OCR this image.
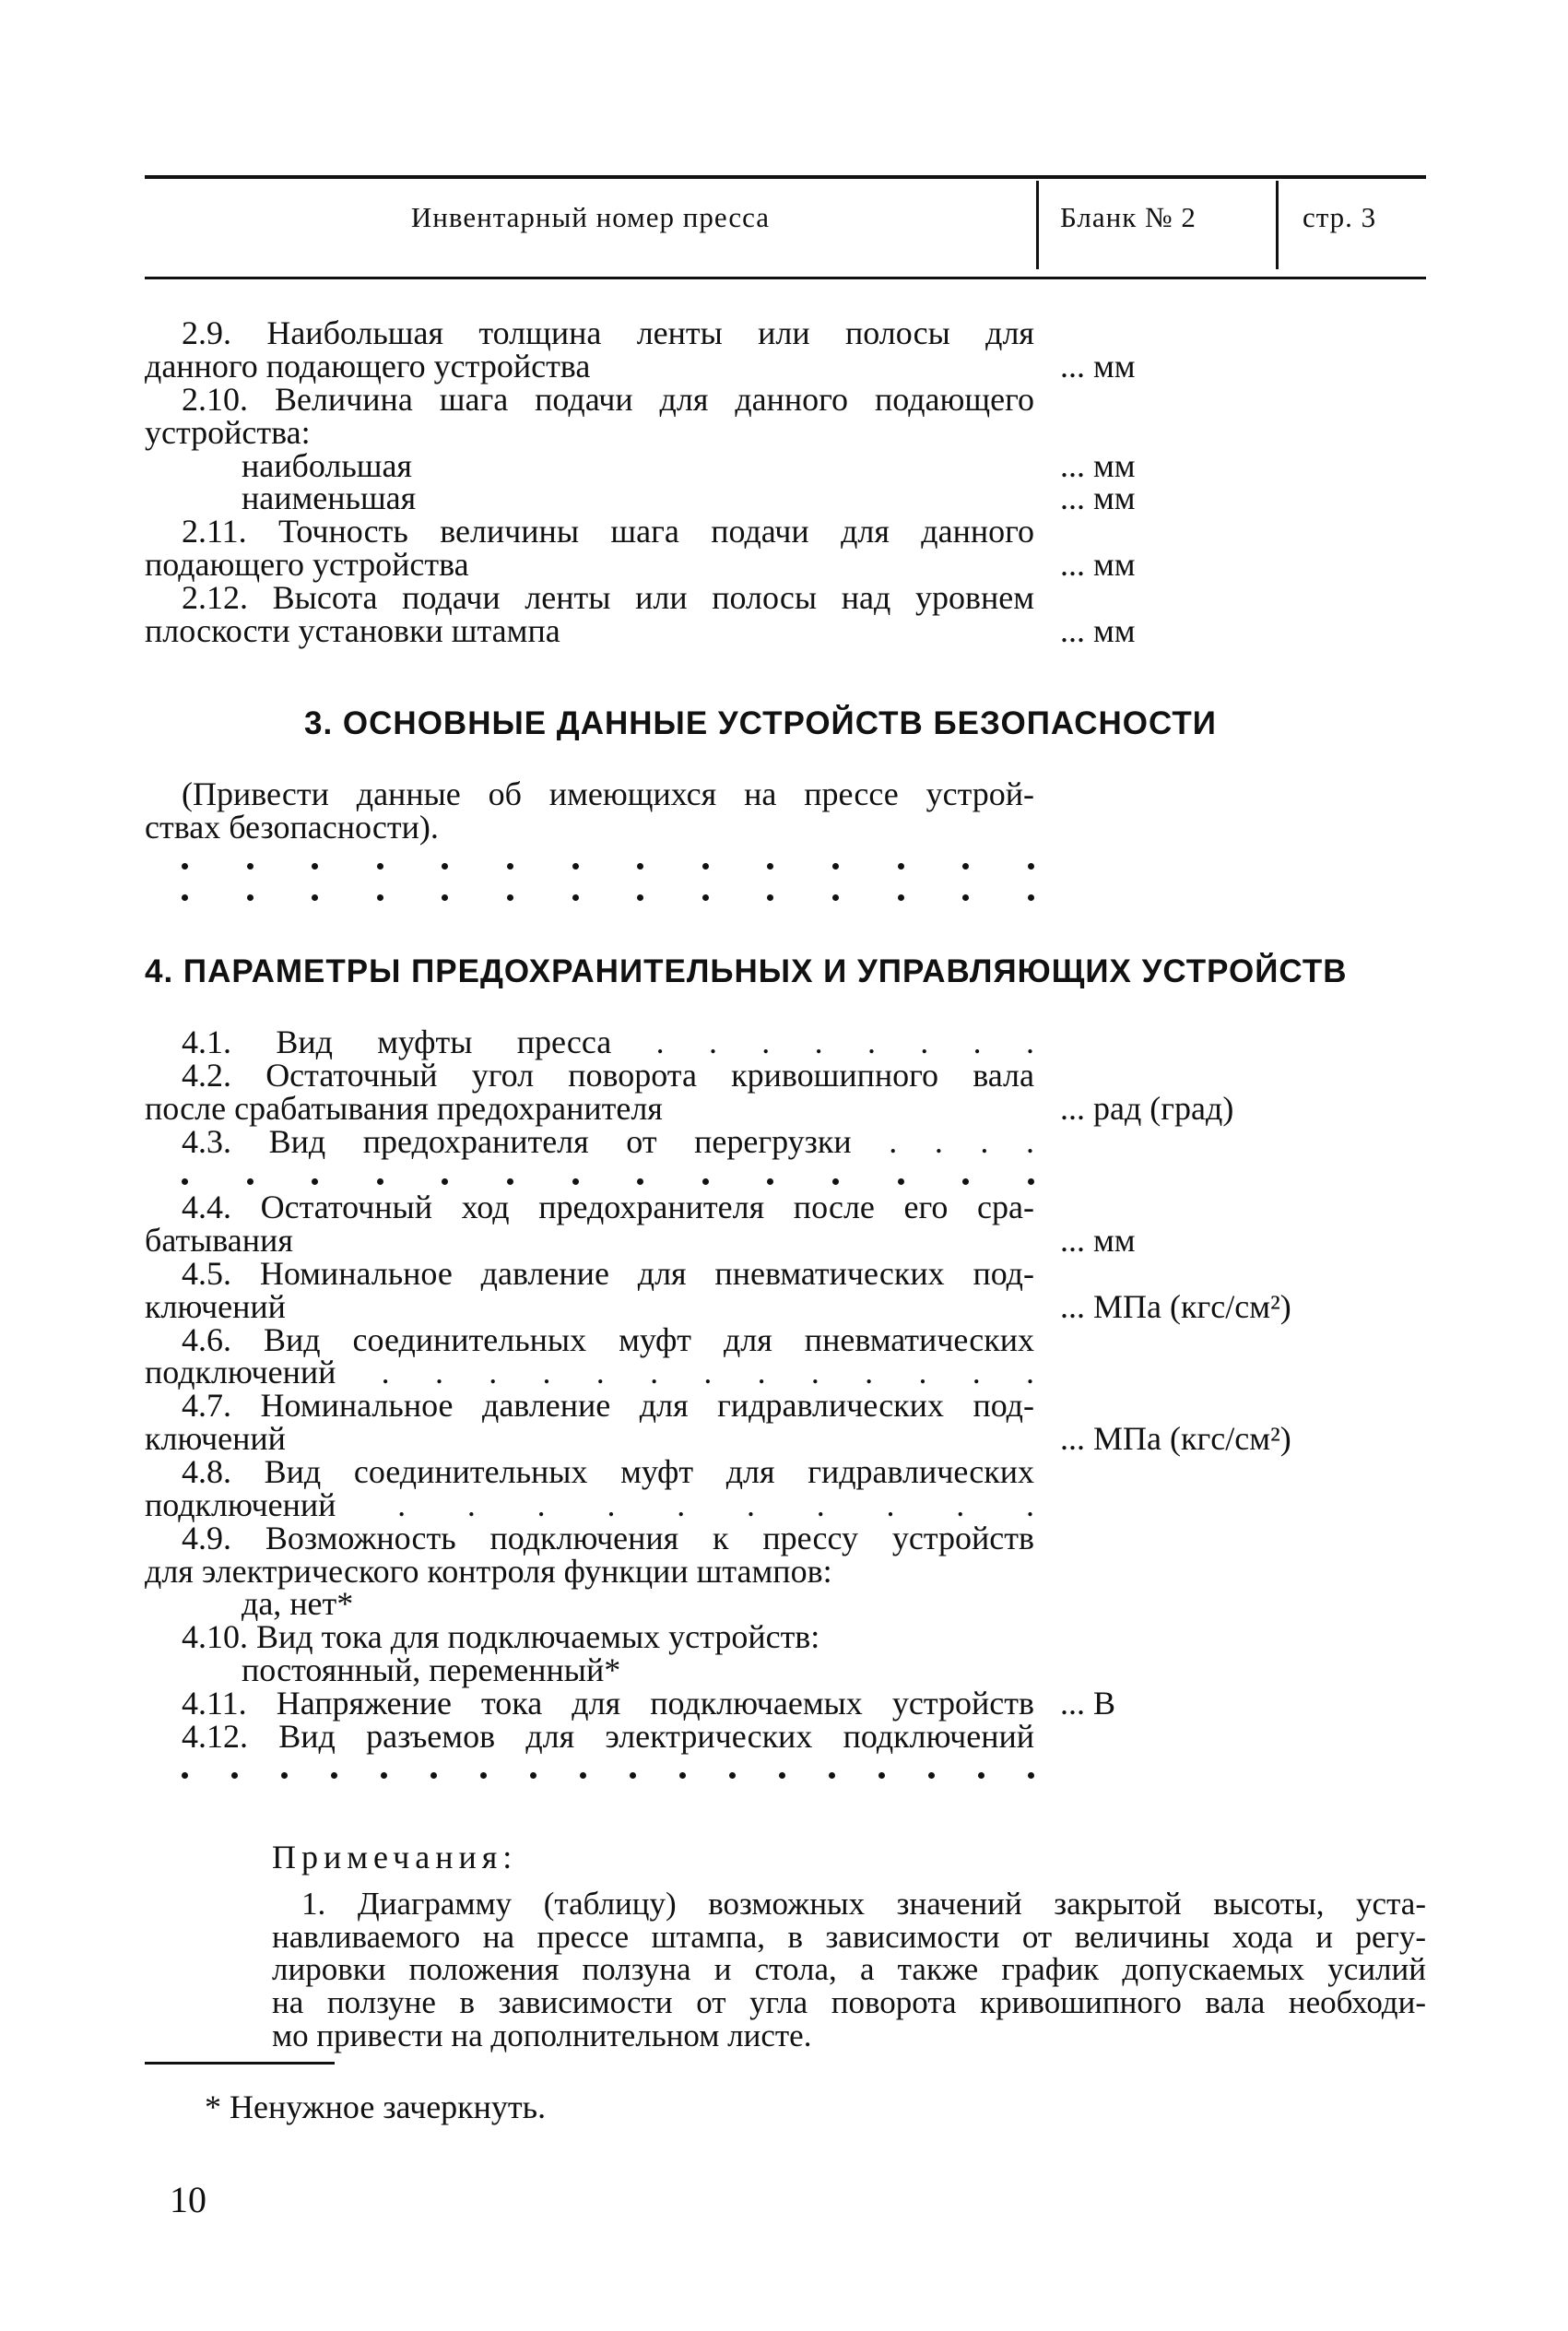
Инвентарный номер пресса	Бланк № 2	стр. 3
2.9. Наибольшая толщина ленты или полосы для
данного подающего устройства	... мм
2.10. Величина шага подачи для данного подающего
устройства:
наибольшая	... мм
наименьшая	... мм
2.11. Точность величины шага подачи для данного
подающего устройства	... мм
2.12. Высота подачи ленты или полосы над уровнем
плоскости установки штампа	... мм
3. ОСНОВНЫЕ ДАННЫЕ УСТРОЙСТВ БЕЗОПАСНОСТИ
(Привести данные об имеющихся на прессе устрой-
ствах безопасности).
4. ПАРАМЕТРЫ ПРЕДОХРАНИТЕЛЬНЫХ И УПРАВЛЯЮЩИХ УСТРОЙСТВ
4.1. Вид муфты пресса . . . . . . . .
4.2. Остаточный угол поворота кривошипного вала
после срабатывания предохранителя	... рад (град)
4.3. Вид предохранителя от перегрузки . . . .
4.4. Остаточный ход предохранителя после его сра-
батывания	... мм
4.5. Номинальное давление для пневматических под-
ключений	... МПа (кгс/см²)
4.6. Вид соединительных муфт для пневматических
подключений . . . . . . . . . . . . .
4.7. Номинальное давление для гидравлических под-
ключений	... МПа (кгс/см²)
4.8. Вид соединительных муфт для гидравлических
подключений . . . . . . . . . .
4.9. Возможность подключения к прессу устройств
для электрического контроля функции штампов:
да, нет*
4.10. Вид тока для подключаемых устройств:
постоянный, переменный*
4.11. Напряжение тока для подключаемых устройств ... В
4.12. Вид разъемов для электрических подключений
Примечания:
1. Диаграмму (таблицу) возможных значений закрытой высоты, уста-
навливаемого на прессе штампа, в зависимости от величины хода и регу-
лировки положения ползуна и стола, а также график допускаемых усилий
на ползуне в зависимости от угла поворота кривошипного вала необходи-
мо привести на дополнительном листе.
* Ненужное зачеркнуть.
10
